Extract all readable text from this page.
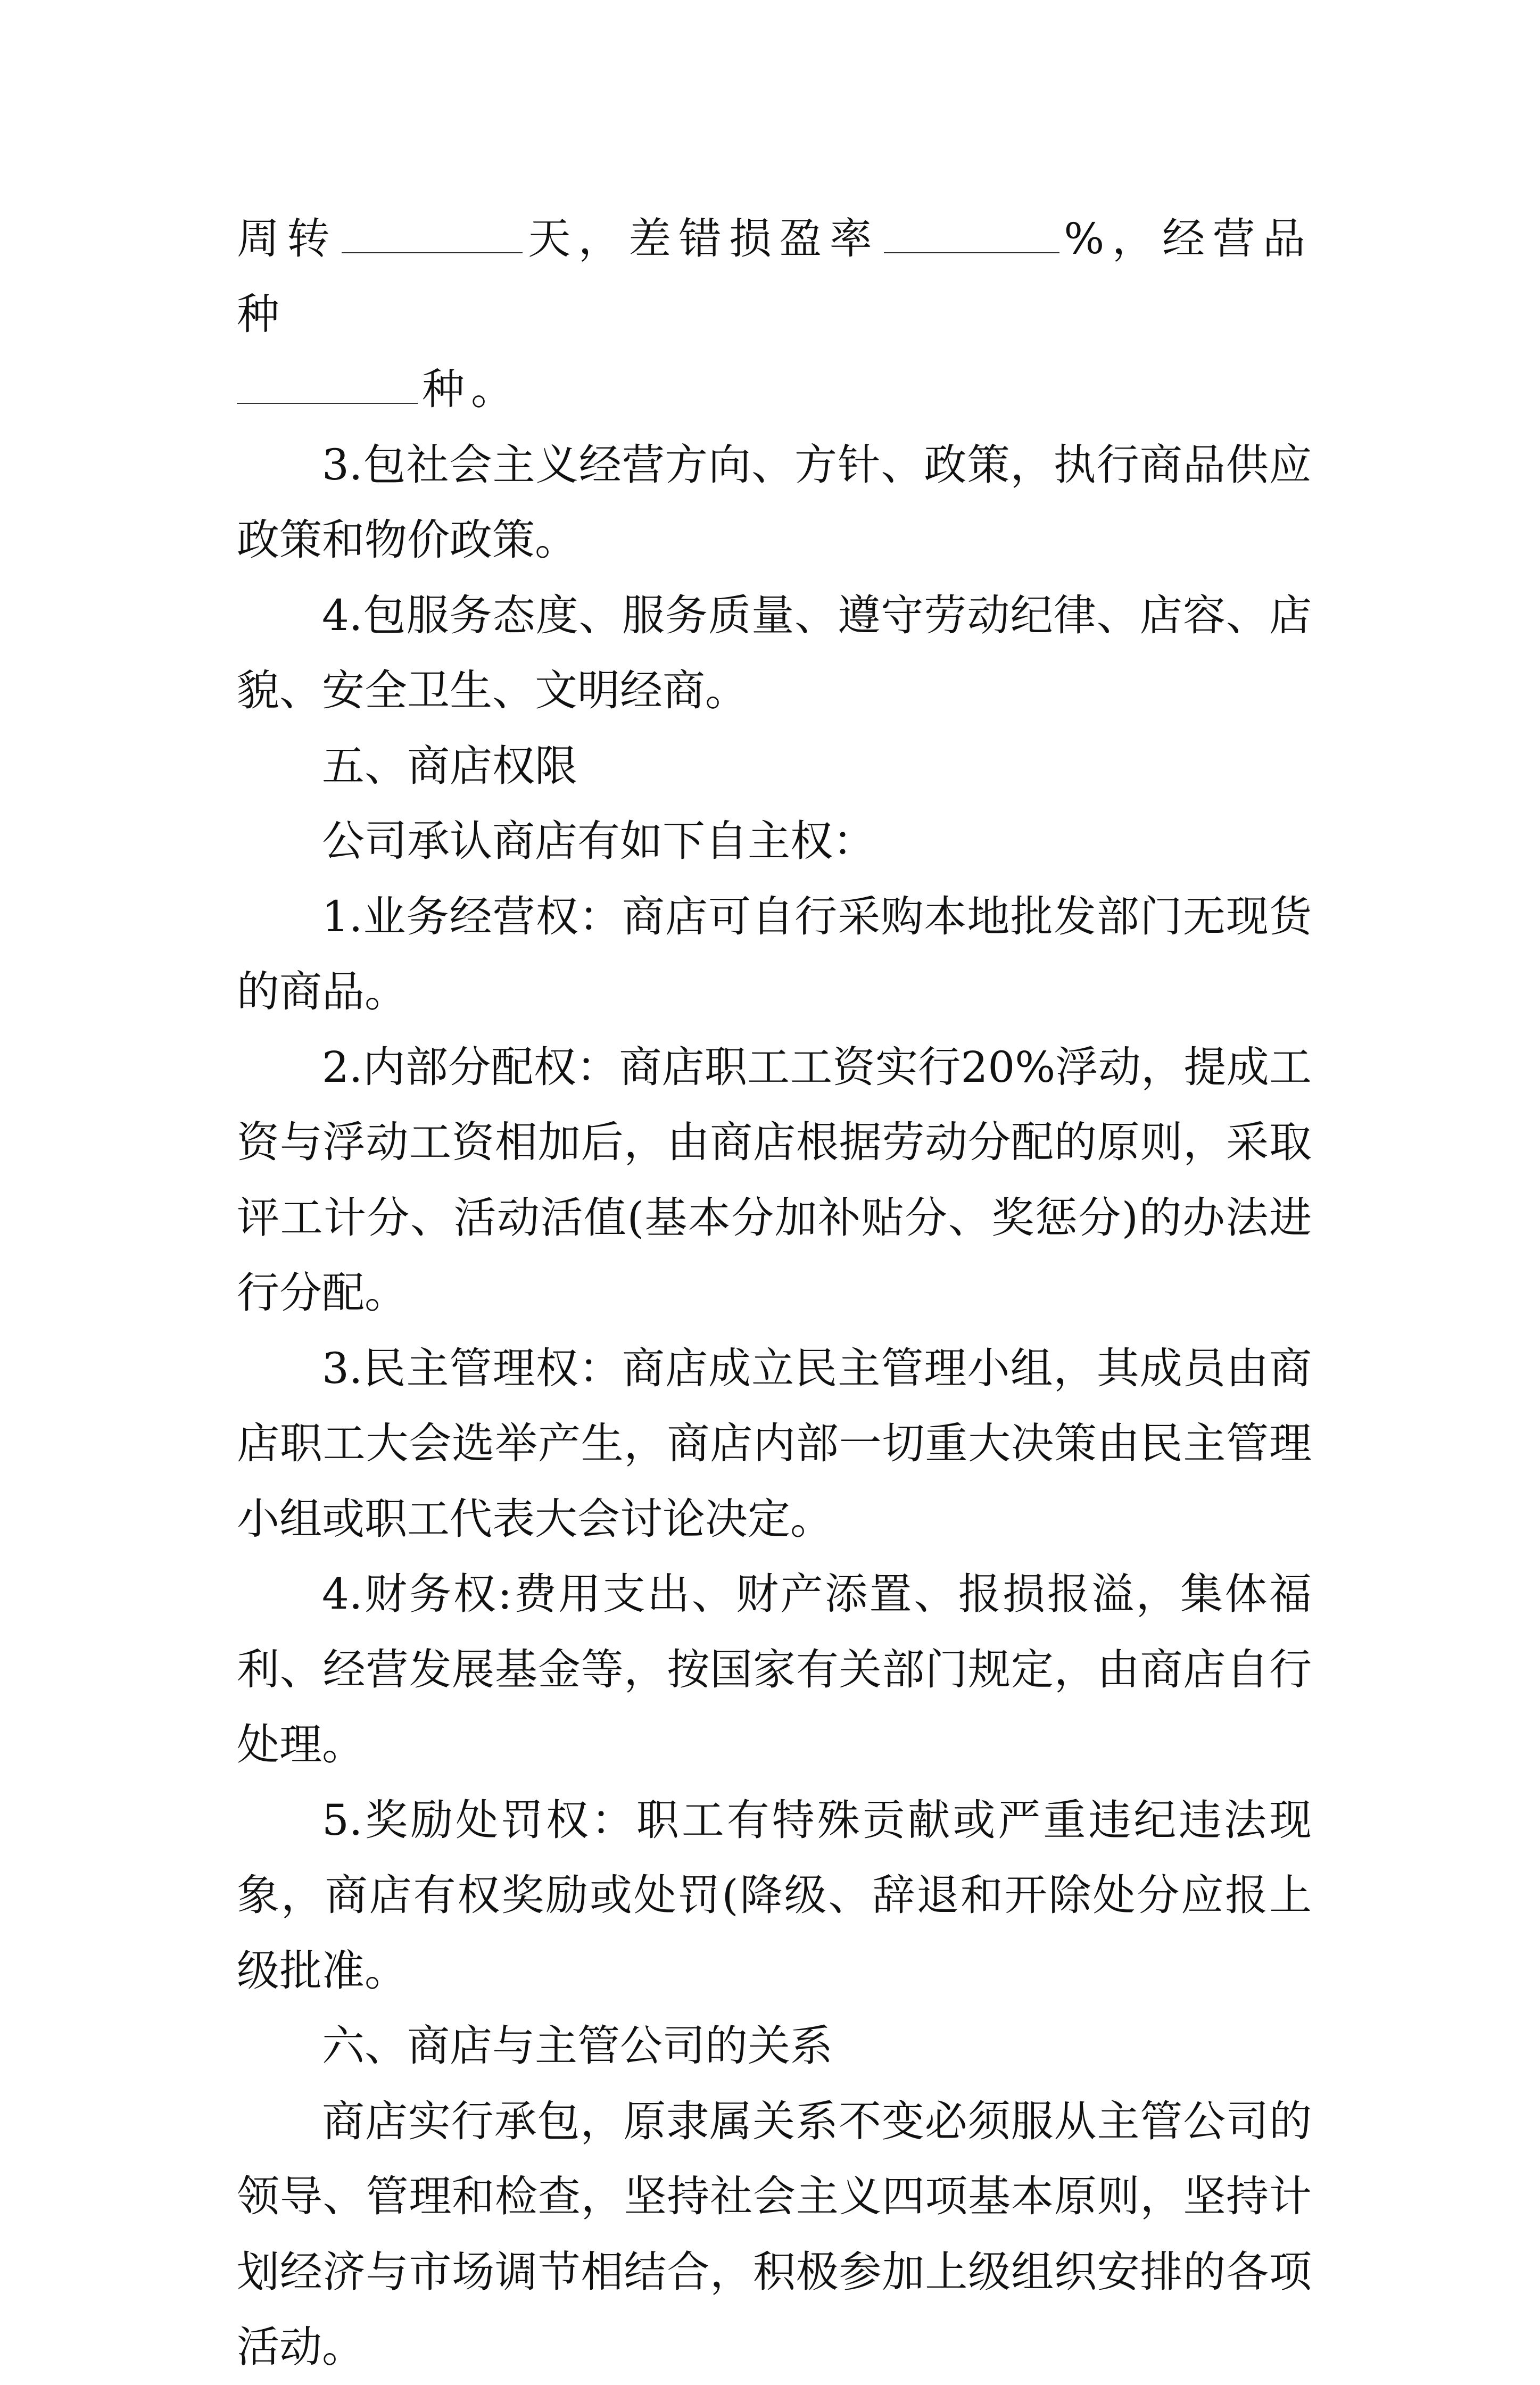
周转	天，差错损盈率	%，经营品种
种。

3.包社会主义经营方向、方针、政策，执行商品供应政策和物价政策。

4.包服务态度、服务质量、遵守劳动纪律、店容、店貌、安全卫生、文明经商。

五、商店权限

公司承认商店有如下自主权：

1.业务经营权：商店可自行采购本地批发部门无现货的商品。

2.内部分配权：商店职工工资实行20%浮动，提成工资与浮动工资相加后，由商店根据劳动分配的原则，采取评工计分、活动活值(基本分加补贴分、奖惩分)的办法进行分配。

3.民主管理权：商店成立民主管理小组，其成员由商店职工大会选举产生，商店内部一切重大决策由民主管理小组或职工代表大会讨论决定。

4.财务权:费用支出、财产添置、报损报溢，集体福利、经营发展基金等，按国家有关部门规定，由商店自行处理。

5.奖励处罚权：职工有特殊贡献或严重违纪违法现象，商店有权奖励或处罚(降级、辞退和开除处分应报上级批准。

六、商店与主管公司的关系

商店实行承包，原隶属关系不变必须服从主管公司的领导、管理和检查，坚持社会主义四项基本原则，坚持计划经济与市场调节相结合，积极参加上级组织安排的各项活动。
